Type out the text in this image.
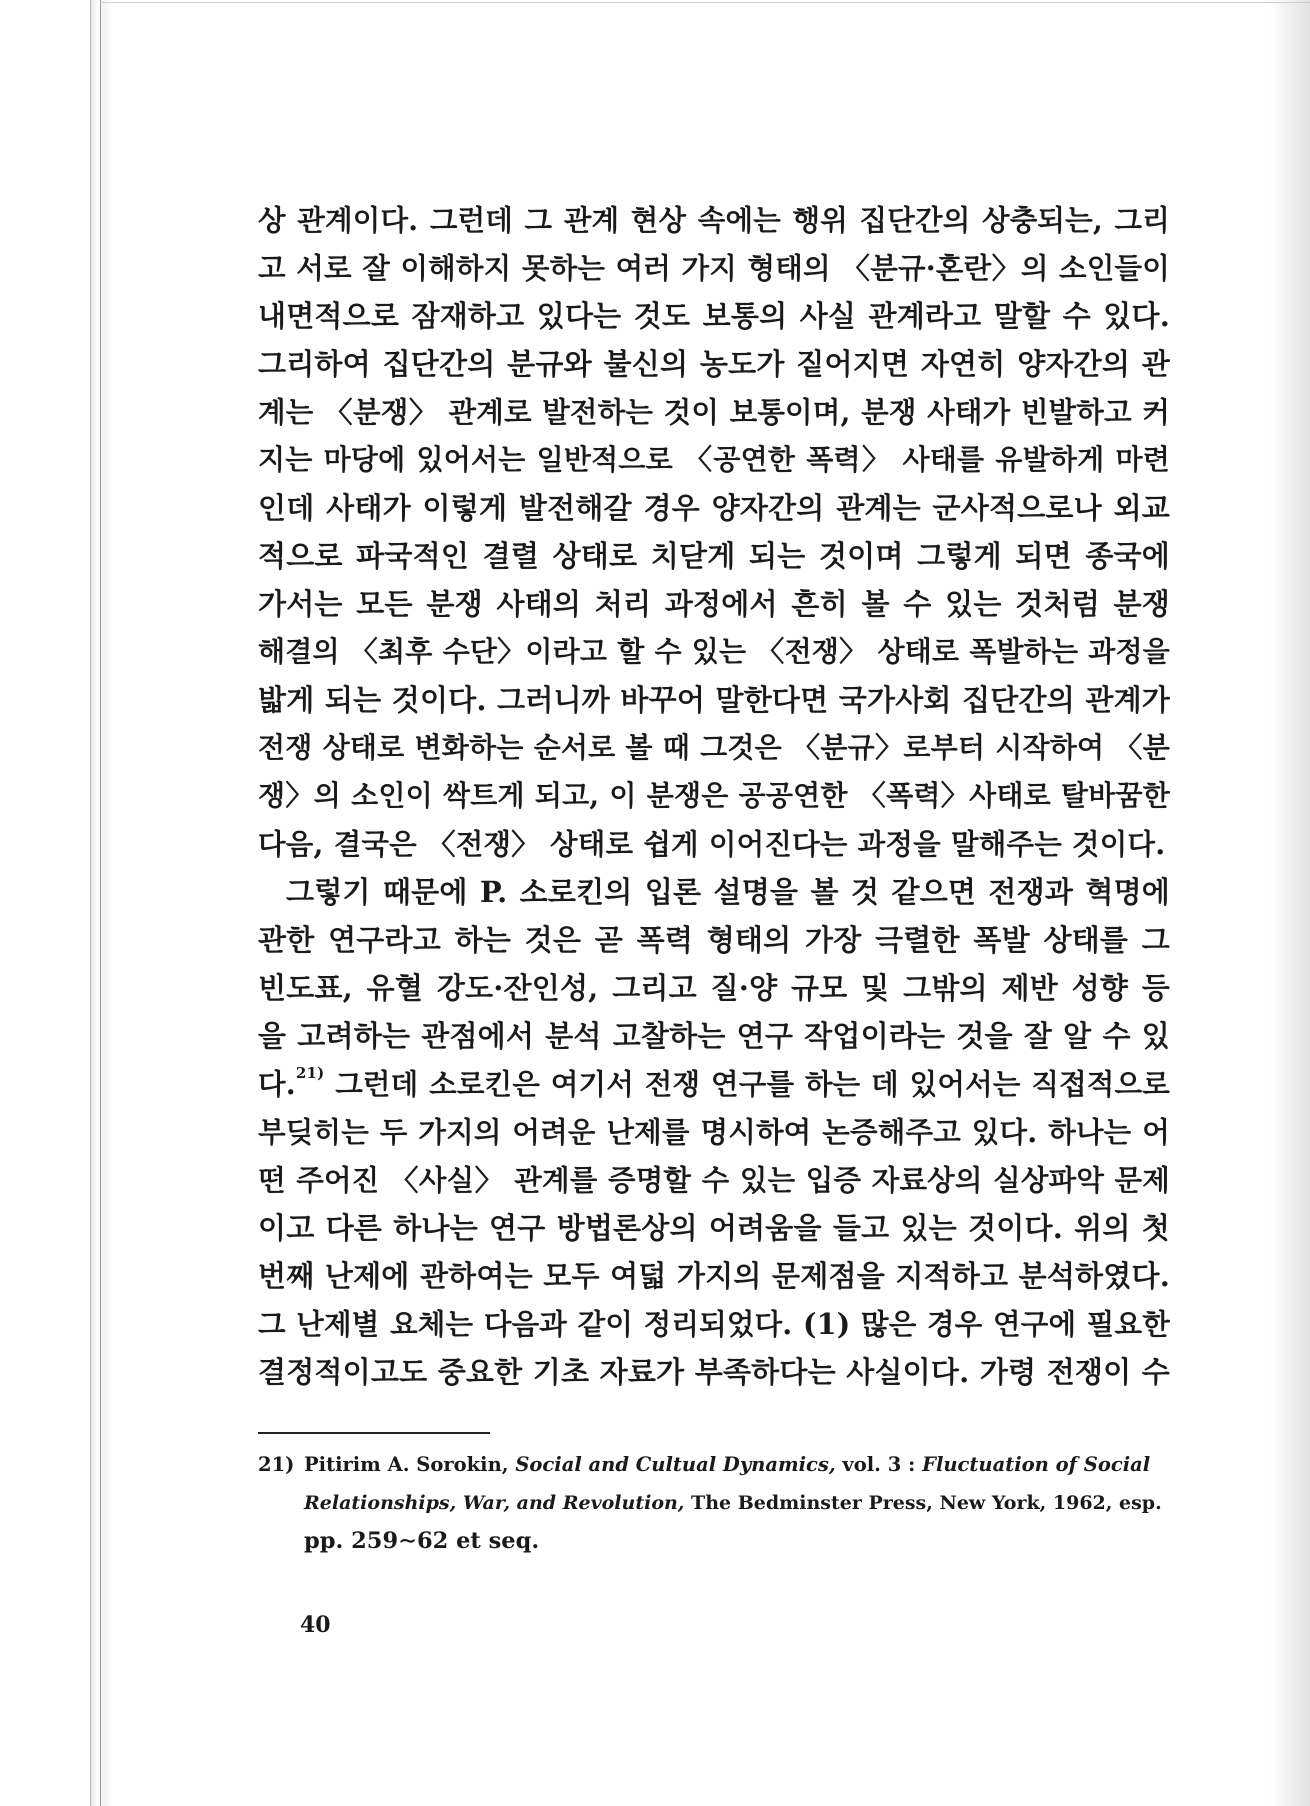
상 관계이다. 그런데 그 관계 현상 속에는 행위 집단간의 상충되는, 그리
고 서로 잘 이해하지 못하는 여러 가지 형태의 〈분규·혼란〉의 소인들이
내면적으로 잠재하고 있다는 것도 보통의 사실 관계라고 말할 수 있다.
그리하여 집단간의 분규와 불신의 농도가 짙어지면 자연히 양자간의 관
계는 〈분쟁〉 관계로 발전하는 것이 보통이며, 분쟁 사태가 빈발하고 커
지는 마당에 있어서는 일반적으로 〈공연한 폭력〉 사태를 유발하게 마련
인데 사태가 이렇게 발전해갈 경우 양자간의 관계는 군사적으로나 외교
적으로 파국적인 결렬 상태로 치닫게 되는 것이며 그렇게 되면 종국에
가서는 모든 분쟁 사태의 처리 과정에서 흔히 볼 수 있는 것처럼 분쟁
해결의 〈최후 수단〉이라고 할 수 있는 〈전쟁〉 상태로 폭발하는 과정을
밟게 되는 것이다. 그러니까 바꾸어 말한다면 국가사회 집단간의 관계가
전쟁 상태로 변화하는 순서로 볼 때 그것은 〈분규〉로부터 시작하여 〈분
쟁〉의 소인이 싹트게 되고, 이 분쟁은 공공연한 〈폭력〉사태로 탈바꿈한
다음, 결국은 〈전쟁〉 상태로 쉽게 이어진다는 과정을 말해주는 것이다.
그렇기 때문에 P. 소로킨의 입론 설명을 볼 것 같으면 전쟁과 혁명에
관한 연구라고 하는 것은 곧 폭력 형태의 가장 극렬한 폭발 상태를 그
빈도표, 유혈 강도·잔인성, 그리고 질·양 규모 및 그밖의 제반 성향 등
을 고려하는 관점에서 분석 고찰하는 연구 작업이라는 것을 잘 알 수 있
다.$^{21)}$ 그런데 소로킨은 여기서 전쟁 연구를 하는 데 있어서는 직접적으로
부딪히는 두 가지의 어려운 난제를 명시하여 논증해주고 있다. 하나는 어
떤 주어진 〈사실〉 관계를 증명할 수 있는 입증 자료상의 실상파악 문제
이고 다른 하나는 연구 방법론상의 어려움을 들고 있는 것이다. 위의 첫
번째 난제에 관하여는 모두 여덟 가지의 문제점을 지적하고 분석하였다.
그 난제별 요체는 다음과 같이 정리되었다. (1) 많은 경우 연구에 필요한
결정적이고도 중요한 기초 자료가 부족하다는 사실이다. 가령 전쟁이 수
21) Pitirim A. Sorokin, Social and Cultual Dynamics, vol. 3 : Fluctuation of Social
Relationships, War, and Revolution, The Bedminster Press, New York, 1962, esp.
pp. 259∼62 et seq.
40
